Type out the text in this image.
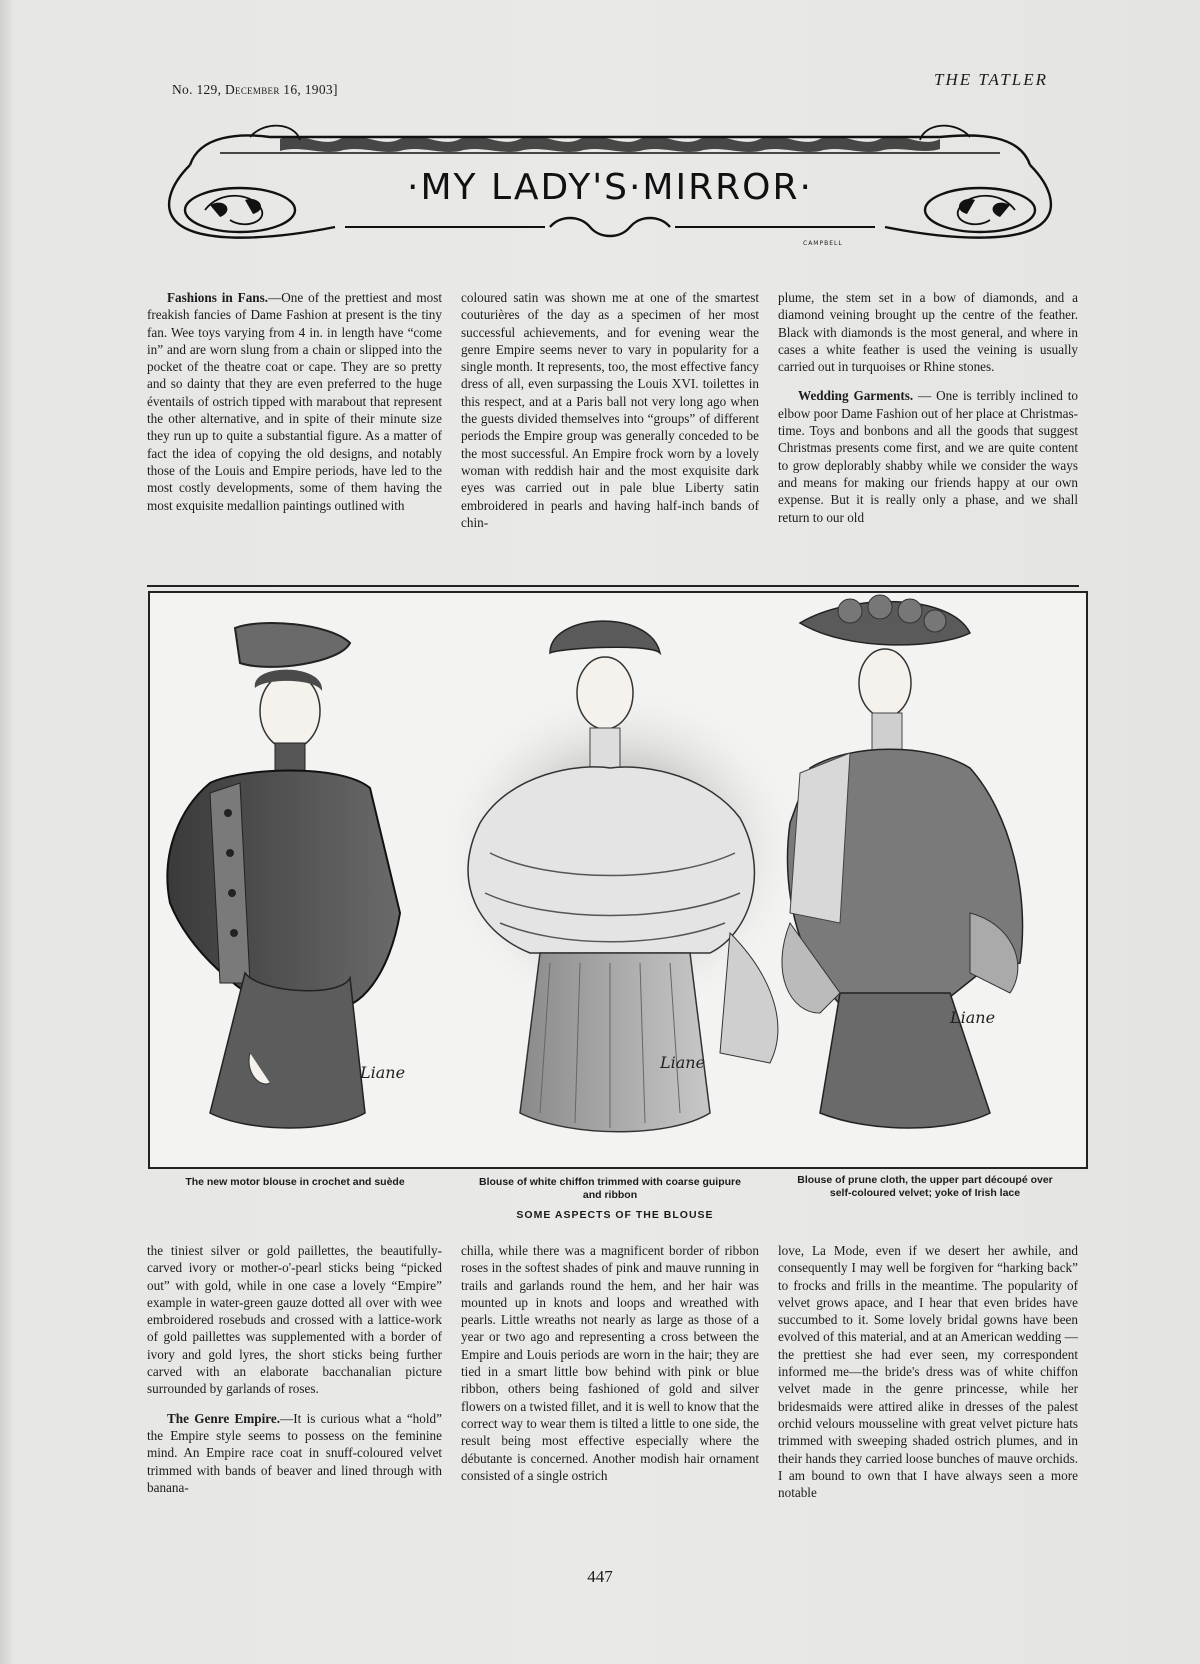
No. 129, December 16, 1903]
THE TATLER
·MY LADY'S·MIRROR·
CAMPBELL

Fashions in Fans.—One of the prettiest and most freakish fancies of Dame Fashion at present is the tiny fan. Wee toys varying from 4 in. in length have “come in” and are worn slung from a chain or slipped into the pocket of the theatre coat or cape. They are so pretty and so dainty that they are even preferred to the huge éventails of ostrich tipped with marabout that represent the other alternative, and in spite of their minute size they run up to quite a substantial figure. As a matter of fact the idea of copying the old designs, and notably those of the Louis and Empire periods, have led to the most costly developments, some of them having the most exquisite medallion paintings outlined with

coloured satin was shown me at one of the smartest couturières of the day as a specimen of her most successful achievements, and for evening wear the genre Empire seems never to vary in popularity for a single month. It represents, too, the most effective fancy dress of all, even surpassing the Louis XVI. toilettes in this respect, and at a Paris ball not very long ago when the guests divided themselves into “groups” of different periods the Empire group was generally conceded to be the most successful. An Empire frock worn by a lovely woman with reddish hair and the most exquisite dark eyes was carried out in pale blue Liberty satin embroidered in pearls and having half-inch bands of chin-

plume, the stem set in a bow of diamonds, and a diamond veining brought up the centre of the feather. Black with diamonds is the most general, and where in cases a white feather is used the veining is usually carried out in turquoises or Rhine stones.

Wedding Garments. — One is terribly inclined to elbow poor Dame Fashion out of her place at Christmas-time. Toys and bonbons and all the goods that suggest Christmas presents come first, and we are quite content to grow deplorably shabby while we consider the ways and means for making our friends happy at our own expense. But it is really only a phase, and we shall return to our old

Liane
Liane
Liane
The new motor blouse in crochet and suède	Blouse of white chiffon trimmed with coarse guipure and ribbon
Blouse of prune cloth, the upper part découpé over self-coloured velvet; yoke of Irish lace
SOME ASPECTS OF THE BLOUSE

the tiniest silver or gold paillettes, the beautifully-carved ivory or mother-o'-pearl sticks being “picked out” with gold, while in one case a lovely “Empire” example in water-green gauze dotted all over with wee embroidered rosebuds and crossed with a lattice-work of gold paillettes was supplemented with a border of ivory and gold lyres, the short sticks being further carved with an elaborate bacchanalian picture surrounded by garlands of roses.

The Genre Empire.—It is curious what a “hold” the Empire style seems to possess on the feminine mind. An Empire race coat in snuff-coloured velvet trimmed with bands of beaver and lined through with banana-

chilla, while there was a magnificent border of ribbon roses in the softest shades of pink and mauve running in trails and garlands round the hem, and her hair was mounted up in knots and loops and wreathed with pearls. Little wreaths not nearly as large as those of a year or two ago and representing a cross between the Empire and Louis periods are worn in the hair; they are tied in a smart little bow behind with pink or blue ribbon, others being fashioned of gold and silver flowers on a twisted fillet, and it is well to know that the correct way to wear them is tilted a little to one side, the result being most effective especially where the débutante is concerned. Another modish hair ornament consisted of a single ostrich

love, La Mode, even if we desert her awhile, and consequently I may well be forgiven for “harking back” to frocks and frills in the meantime. The popularity of velvet grows apace, and I hear that even brides have succumbed to it. Some lovely bridal gowns have been evolved of this material, and at an American wedding —the prettiest she had ever seen, my correspondent informed me—the bride's dress was of white chiffon velvet made in the genre princesse, while her bridesmaids were attired alike in dresses of the palest orchid velours mousseline with great velvet picture hats trimmed with sweeping shaded ostrich plumes, and in their hands they carried loose bunches of mauve orchids. I am bound to own that I have always seen a more notable

447
